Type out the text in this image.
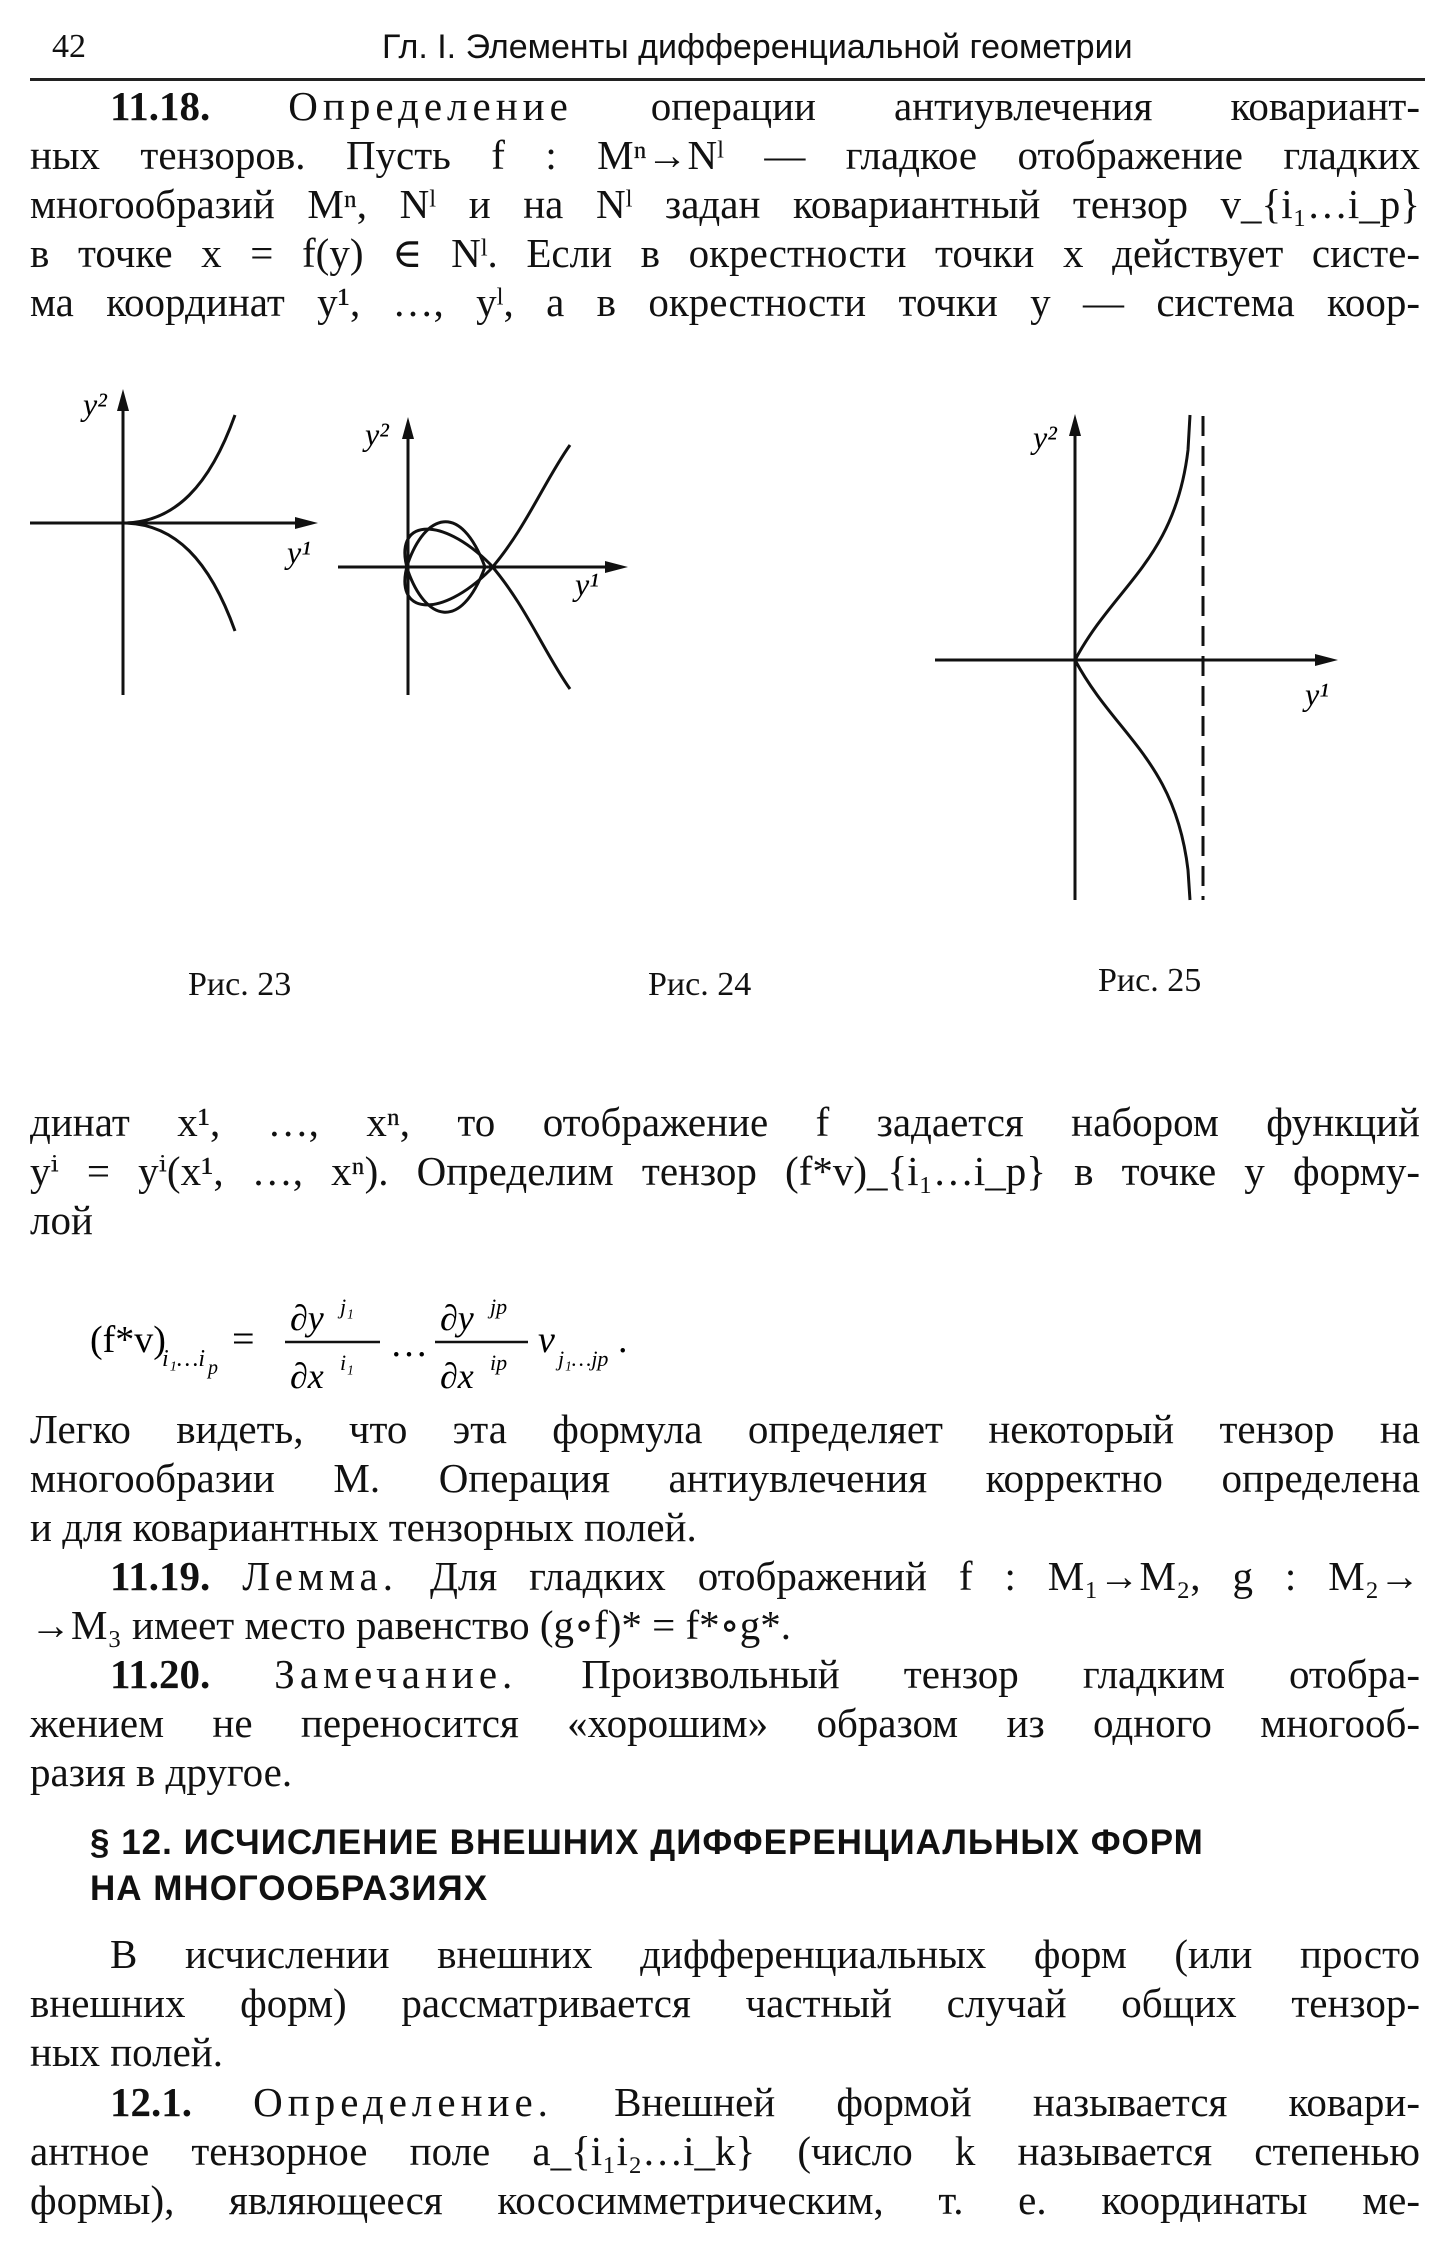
42	Гл. I. Элементы дифференциальной геометрии
11.18. Определение операции антиувлечения ковариант-
ных тензоров. Пусть f : Mⁿ→Nˡ — гладкое отображение гладких
многообразий Mⁿ, Nˡ и на Nˡ задан ковариантный тензор v_{i₁…i_p}
в точке x = f(y) ∈ Nˡ. Если в окрестности точки x действует систе-
ма координат y¹, …, yˡ, а в окрестности точки y — система коор-
y²
y¹
Рис. 23
y²
y¹
Рис. 24
y²
y¹
Рис. 25
динат x¹, …, xⁿ, то отображение f задается набором функций
yⁱ = yⁱ(x¹, …, xⁿ). Определим тензор (f*v)_{i₁…i_p} в точке y форму-
лой
(f*v)
i₁…i p
= ∂y j₁
∂x i₁ …
∂y jp
∂x ip
v j₁…jp .
Легко видеть, что эта формула определяет некоторый тензор на
многообразии M. Операция антиувлечения корректно определена
и для ковариантных тензорных полей.
11.19. Лемма. Для гладких отображений f : M₁→M₂, g : M₂→
→M₃ имеет место равенство (g∘f)* = f*∘g*.
11.20. Замечание. Произвольный тензор гладким отобра-
жением не переносится «хорошим» образом из одного многооб-
разия в другое.
§ 12. ИСЧИСЛЕНИЕ ВНЕШНИХ ДИФФЕРЕНЦИАЛЬНЫХ ФОРМ
НА МНОГООБРАЗИЯХ
В исчислении внешних дифференциальных форм (или просто
внешних форм) рассматривается частный случай общих тензор-
ных полей.
12.1. Определение. Внешней формой называется ковари-
антное тензорное поле a_{i₁i₂…i_k} (число k называется степенью
формы), являющееся кососимметрическим, т. е. координаты ме-
